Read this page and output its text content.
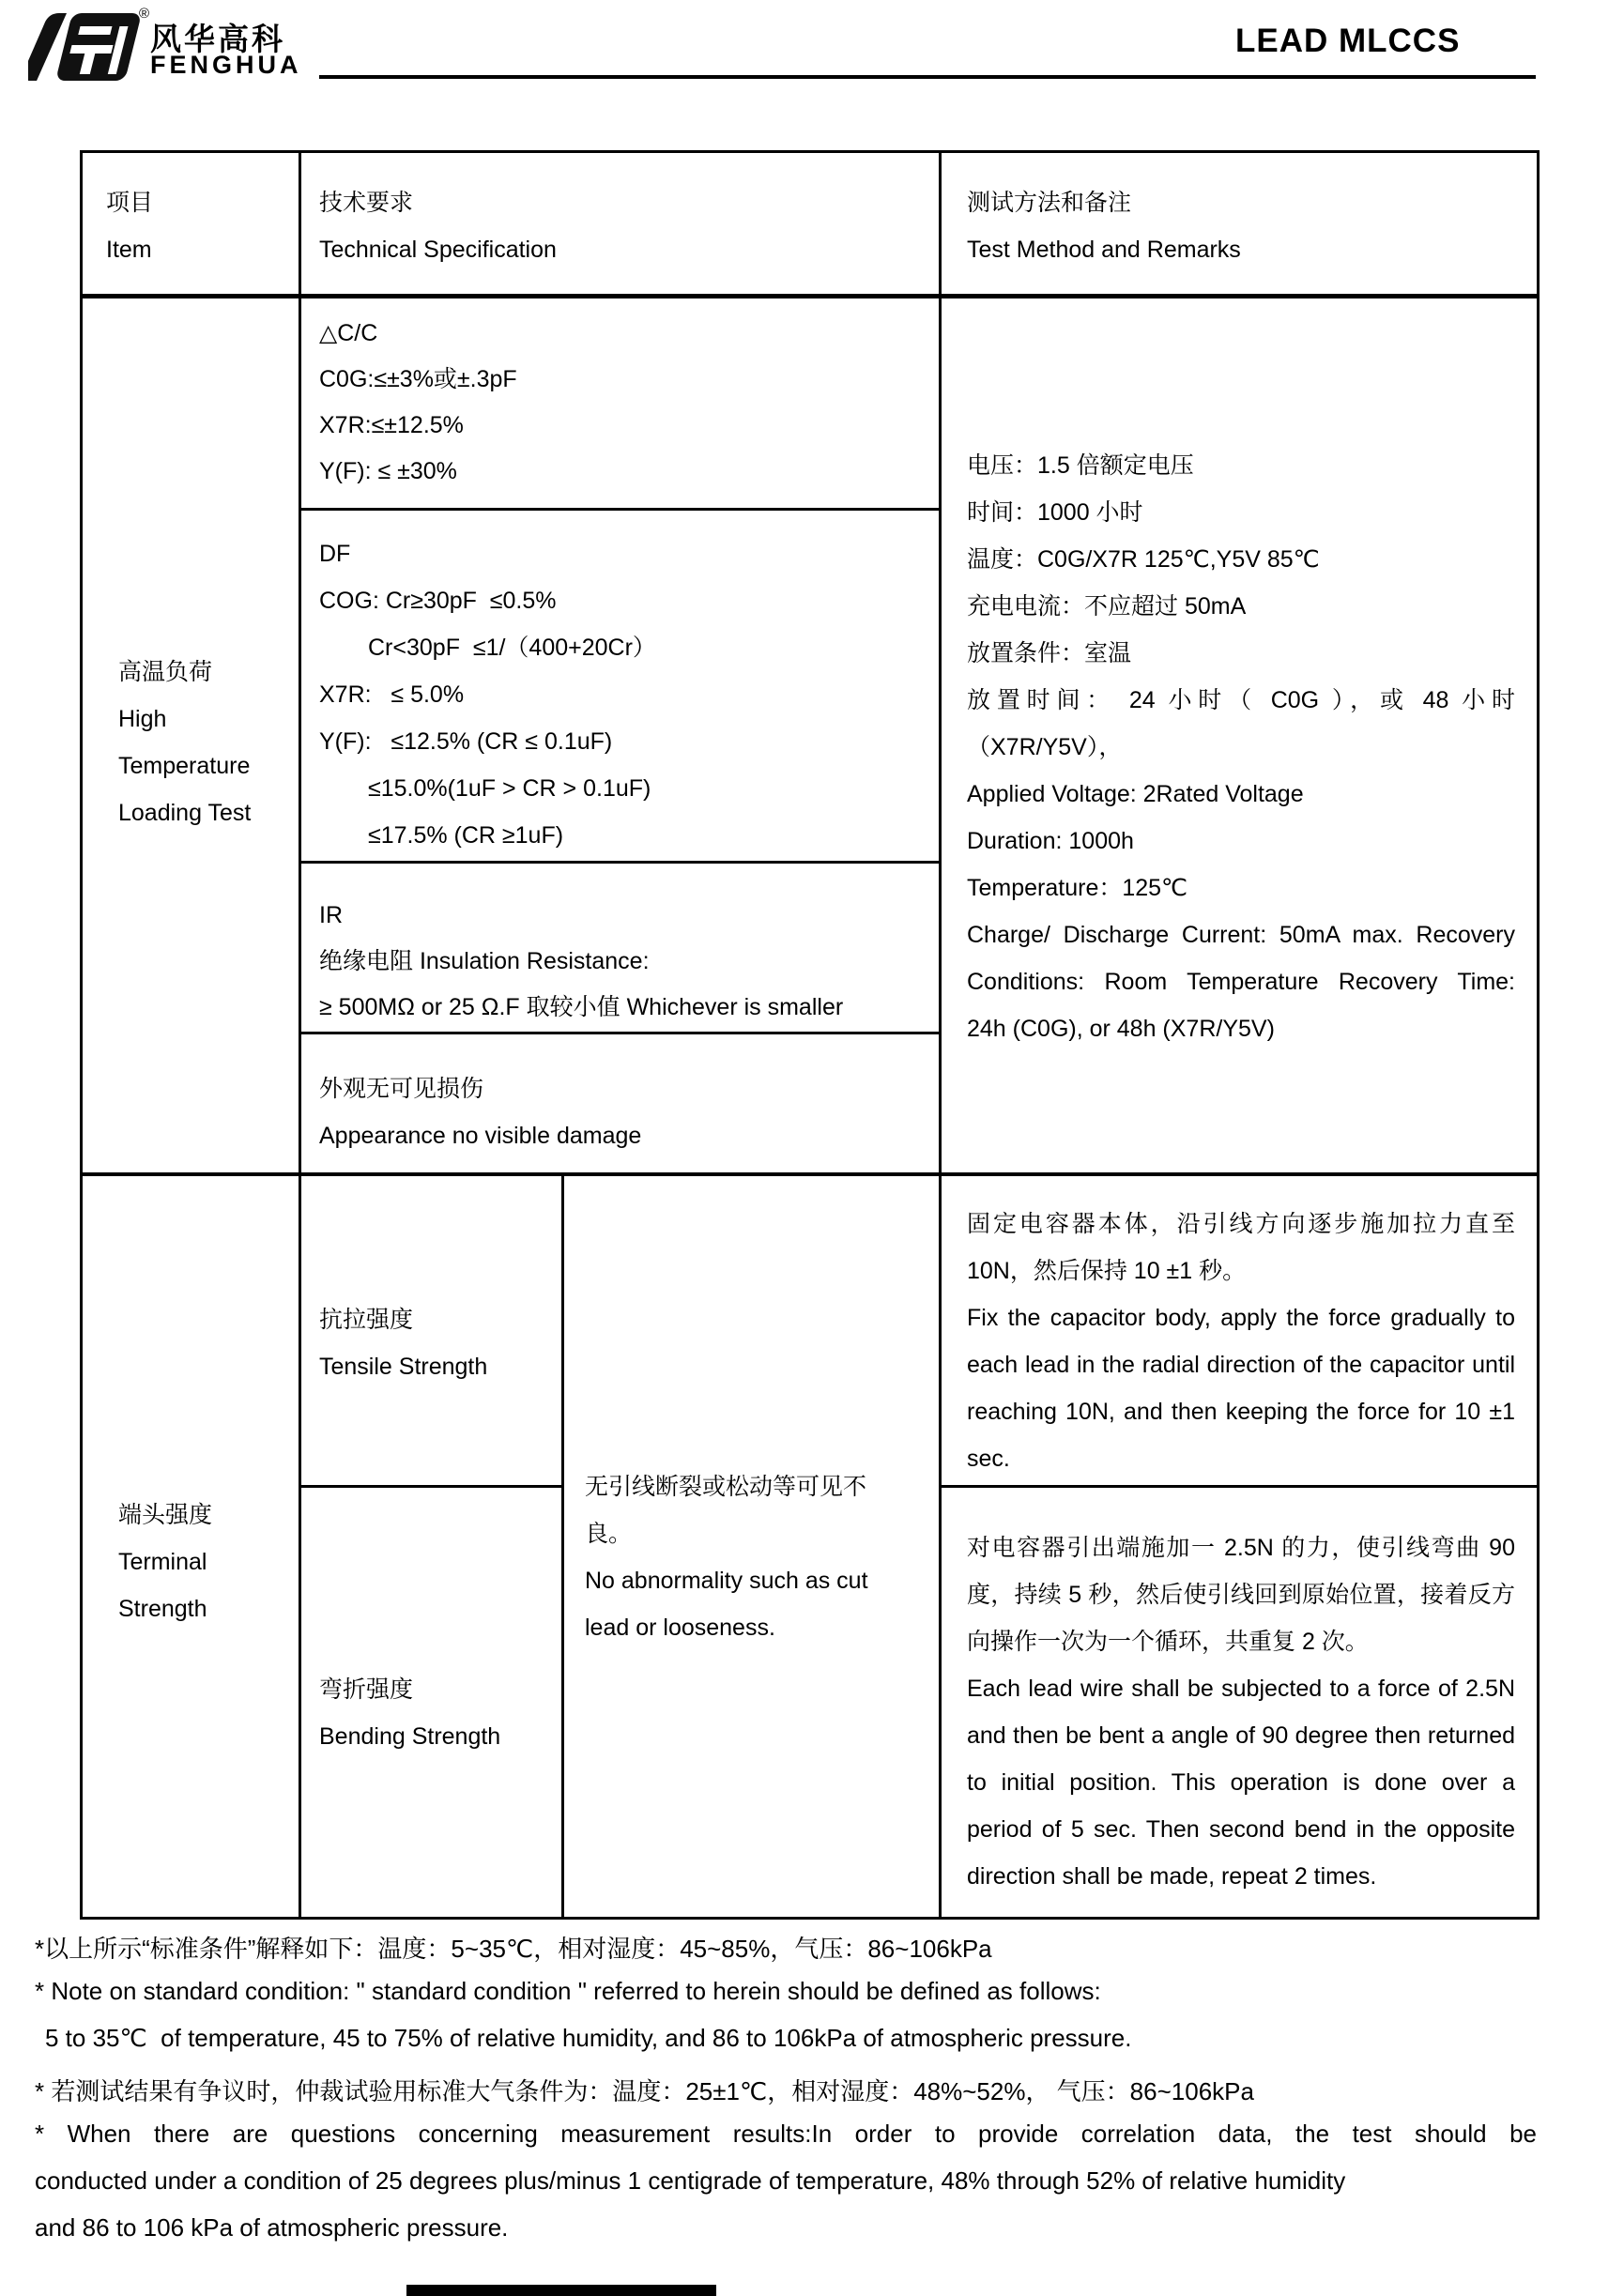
®
风华高科
FENGHUA
LEAD MLCCS
项目
Item
技术要求
Technical Specification
测试方法和备注
Test Method and Remarks
高温负荷
High
Temperature
Loading Test
△C/C
C0G:≤±3%或±.3pF
X7R:≤±12.5%
Y(F): ≤ ±30%
DF
COG: Cr≥30pF  ≤0.5%
Cr<30pF  ≤1/（400+20Cr）
X7R:   ≤ 5.0%
Y(F):   ≤12.5% (CR ≤ 0.1uF)
≤15.0%(1uF > CR > 0.1uF)
≤17.5% (CR ≥1uF)
IR
绝缘电阻 Insulation Resistance:
≥ 500MΩ or 25 Ω.F 取较小值 Whichever is smaller
外观无可见损伤
Appearance no visible damage
电压：1.5 倍额定电压
时间：1000 小时
温度：C0G/X7R 125℃,Y5V 85℃
充电电流：不应超过 50mA
放置条件：室温
放置时间： 24 小时（ C0G ），或 48 小时
（X7R/Y5V），
Applied Voltage: 2Rated Voltage
Duration: 1000h
Temperature：125℃
Charge/ Discharge Current: 50mA max. Recovery
Conditions: Room Temperature Recovery Time:
24h (C0G), or 48h (X7R/Y5V)
端头强度
Terminal
Strength
抗拉强度
Tensile Strength
弯折强度
Bending Strength
无引线断裂或松动等可见不
良。
No abnormality such as cut
lead or looseness.

固定电容器本体，沿引线方向逐步施加拉力直至 10N，然后保持 10 ±1 秒。

Fix the capacitor body, apply the force gradually to each lead in the radial direction of the capacitor until reaching 10N, and then keeping the force for 10 ±1 sec.

对电容器引出端施加一 2.5N 的力，使引线弯曲 90 度，持续 5 秒，然后使引线回到原始位置，接着反方向操作一次为一个循环，共重复 2 次。

Each lead wire shall be subjected to a force of 2.5N and then be bent a angle of 90 degree then returned to initial position. This operation is done over a period of 5 sec. Then second bend in the opposite direction shall be made, repeat 2 times.

*以上所示“标准条件”解释如下：温度：5~35℃，相对湿度：45~85%，气压：86~106kPa
* Note on standard condition: " standard condition " referred to herein should be defined as follows:
5 to 35℃  of temperature, 45 to 75% of relative humidity, and 86 to 106kPa of atmospheric pressure.
* 若测试结果有争议时，仲裁试验用标准大气条件为：温度：25±1℃，相对湿度：48%~52%， 气压：86~106kPa
* When there are questions concerning measurement results:In order to provide correlation data, the test should be
conducted under a condition of 25 degrees plus/minus 1 centigrade of temperature, 48% through 52% of relative humidity
and 86 to 106 kPa of atmospheric pressure.
